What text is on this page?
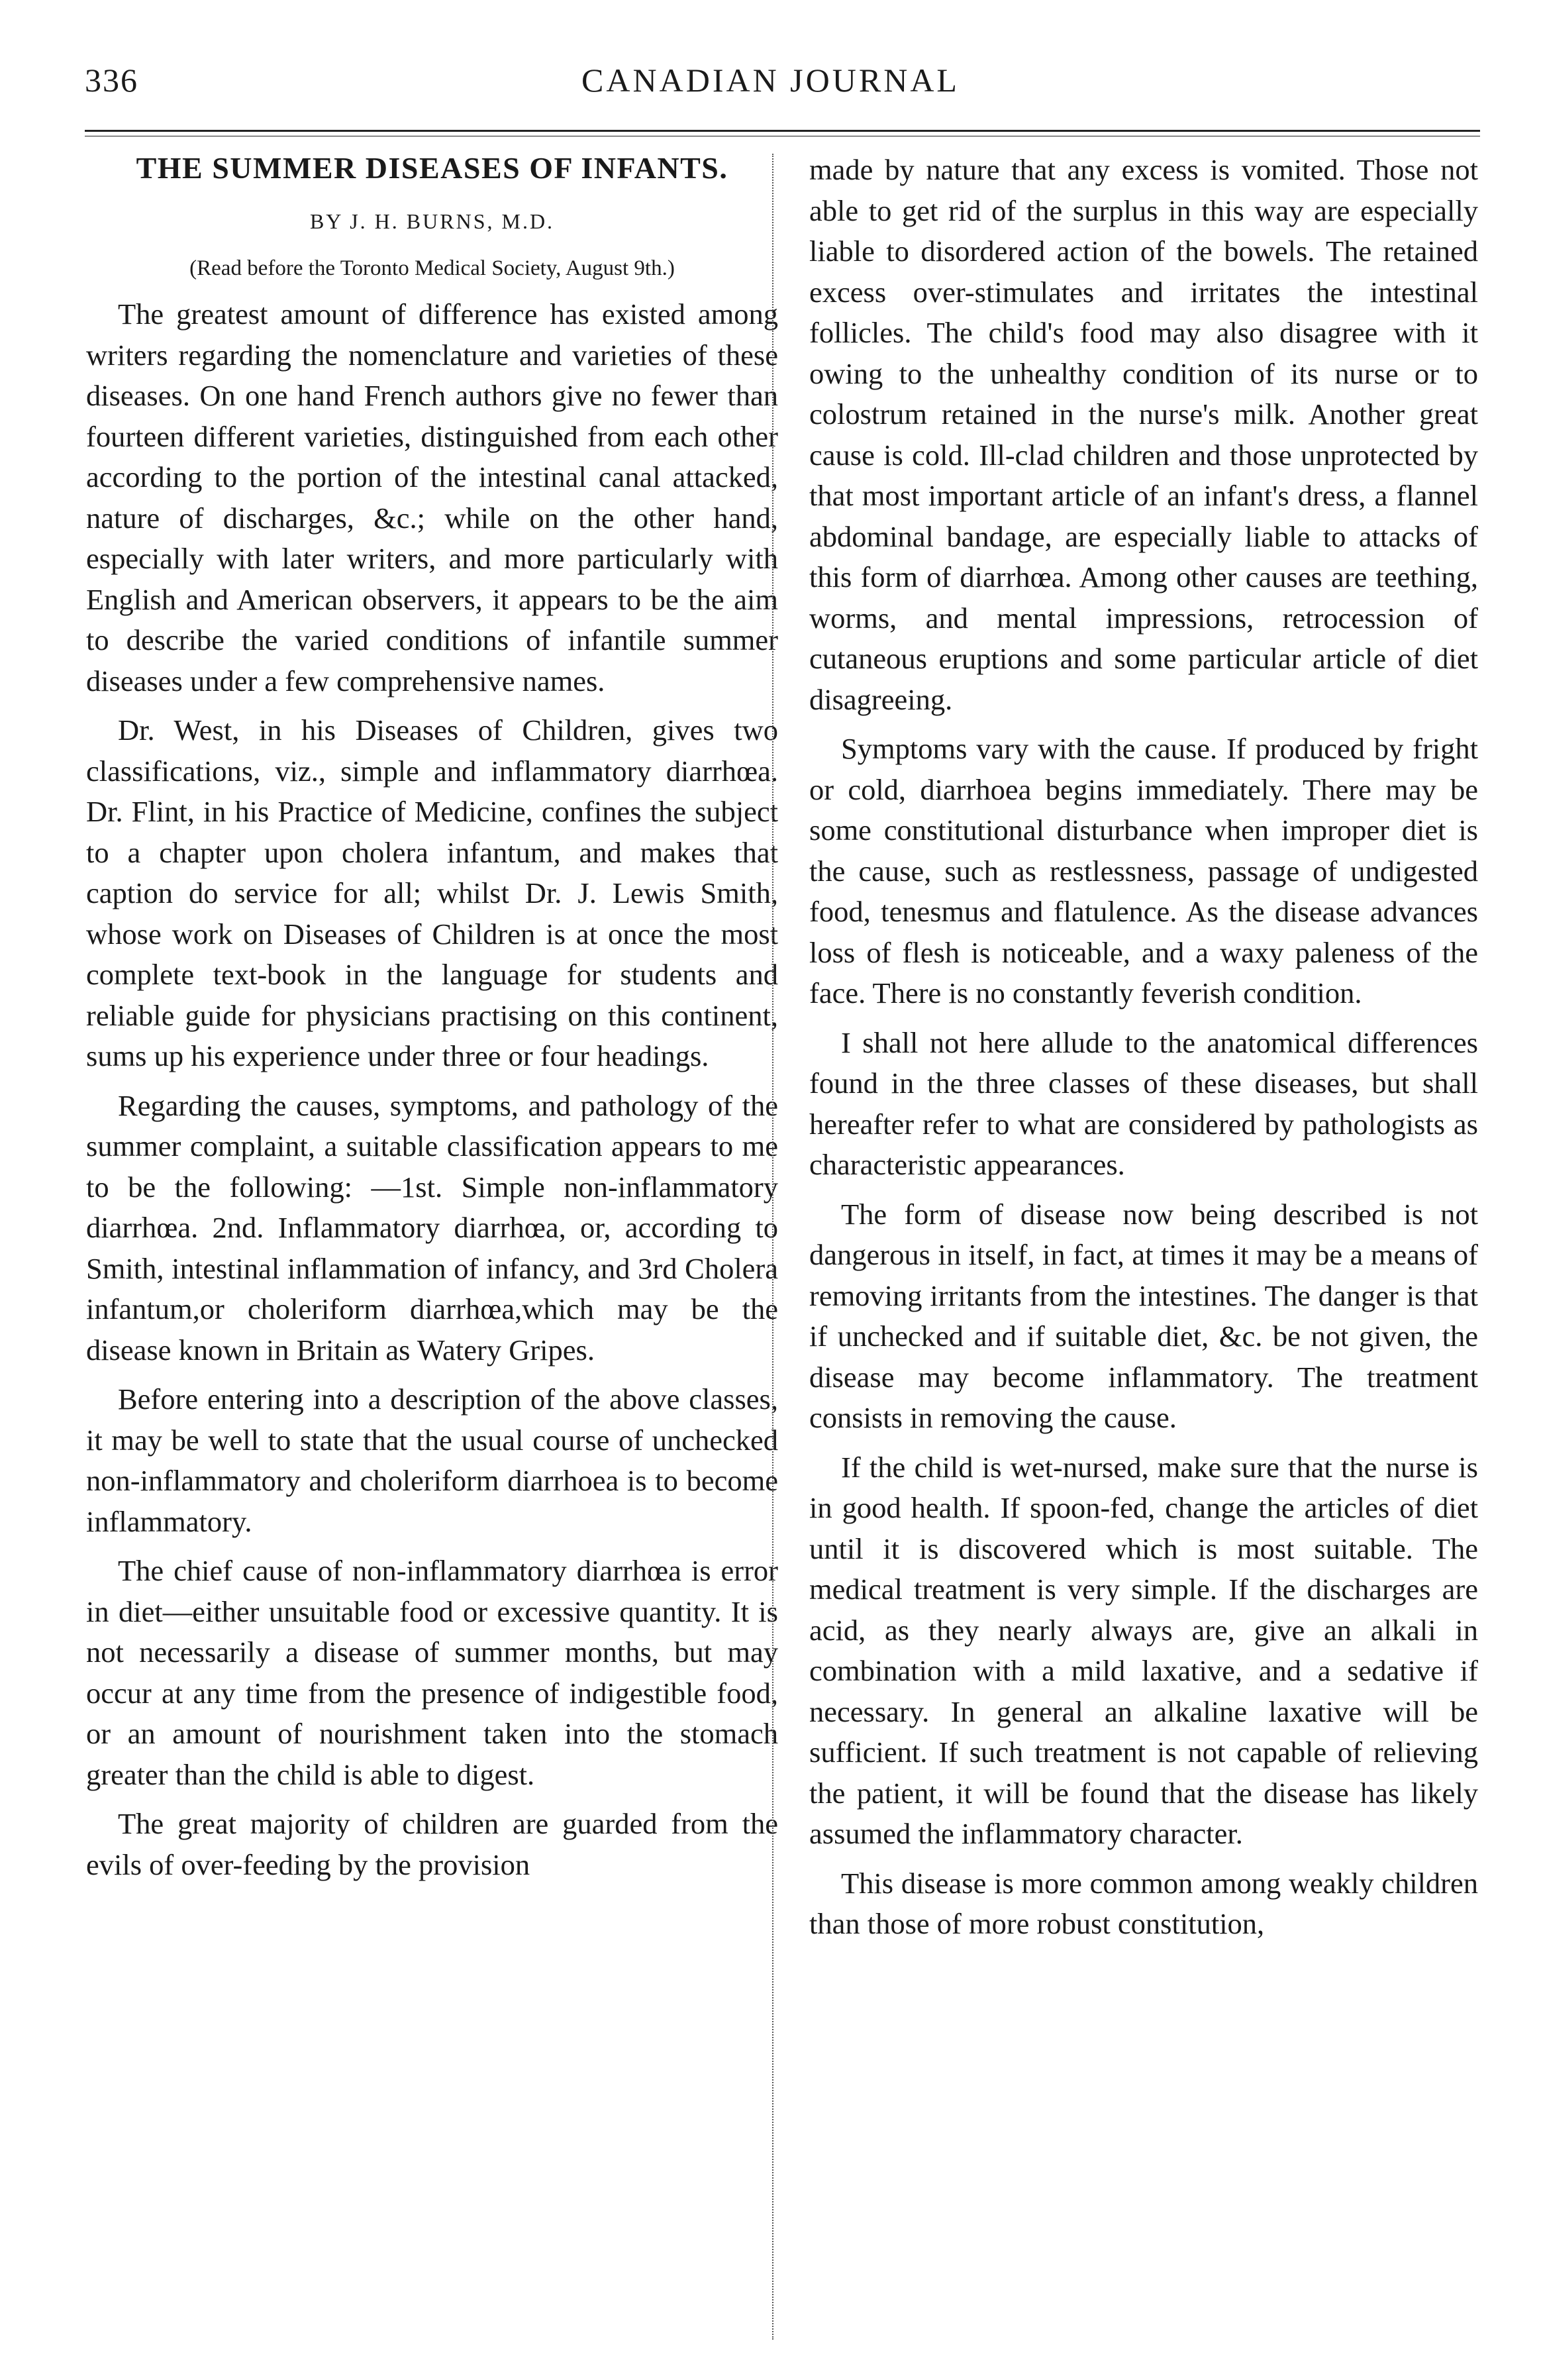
336	CANADIAN JOURNAL
THE SUMMER DISEASES OF INFANTS.
BY J. H. BURNS, M.D.
(Read before the Toronto Medical Society, August 9th.)

The greatest amount of difference has existed among writers regarding the nomenclature and varieties of these diseases. On one hand French authors give no fewer than fourteen different varieties, distinguished from each other according to the portion of the intestinal canal attacked, nature of discharges, &c.; while on the other hand, especially with later writers, and more particularly with English and American observers, it appears to be the aim to describe the varied conditions of infantile summer diseases under a few comprehensive names.

Dr. West, in his Diseases of Children, gives two classifications, viz., simple and inflammatory diarrhœa. Dr. Flint, in his Practice of Medicine, confines the subject to a chapter upon cholera infantum, and makes that caption do service for all; whilst Dr. J. Lewis Smith, whose work on Diseases of Children is at once the most complete text-book in the language for students and reliable guide for physicians practising on this continent, sums up his experience under three or four headings.

Regarding the causes, symptoms, and pathology of the summer complaint, a suitable classification appears to me to be the following: —1st. Simple non-inflammatory diarrhœa. 2nd. Inflammatory diarrhœa, or, according to Smith, intestinal inflammation of infancy, and 3rd Cholera infantum,or choleriform diarrhœa,which may be the disease known in Britain as Watery Gripes.

Before entering into a description of the above classes, it may be well to state that the usual course of unchecked non-inflammatory and choleriform diarrhoea is to become inflammatory.

The chief cause of non-inflammatory diarrhœa is error in diet—either unsuitable food or excessive quantity. It is not necessarily a disease of summer months, but may occur at any time from the presence of indigestible food, or an amount of nourishment taken into the stomach greater than the child is able to digest.

The great majority of children are guarded from the evils of over-feeding by the provision

made by nature that any excess is vomited. Those not able to get rid of the surplus in this way are especially liable to disordered action of the bowels. The retained excess over-stimulates and irritates the intestinal follicles. The child's food may also disagree with it owing to the unhealthy condition of its nurse or to colostrum retained in the nurse's milk. Another great cause is cold. Ill-clad children and those unprotected by that most important article of an infant's dress, a flannel abdominal bandage, are especially liable to attacks of this form of diarrhœa. Among other causes are teething, worms, and mental impressions, retrocession of cutaneous eruptions and some particular article of diet disagreeing.

Symptoms vary with the cause. If produced by fright or cold, diarrhoea begins immediately. There may be some constitutional disturbance when improper diet is the cause, such as restlessness, passage of undigested food, tenesmus and flatulence. As the disease advances loss of flesh is noticeable, and a waxy paleness of the face. There is no constantly feverish condition.

I shall not here allude to the anatomical differences found in the three classes of these diseases, but shall hereafter refer to what are considered by pathologists as characteristic appearances.

The form of disease now being described is not dangerous in itself, in fact, at times it may be a means of removing irritants from the intestines. The danger is that if unchecked and if suitable diet, &c. be not given, the disease may become inflammatory. The treatment consists in removing the cause.

If the child is wet-nursed, make sure that the nurse is in good health. If spoon-fed, change the articles of diet until it is discovered which is most suitable. The medical treatment is very simple. If the discharges are acid, as they nearly always are, give an alkali in combination with a mild laxative, and a sedative if necessary. In general an alkaline laxative will be sufficient. If such treatment is not capable of relieving the patient, it will be found that the disease has likely assumed the inflammatory character.

This disease is more common among weakly children than those of more robust constitution,
